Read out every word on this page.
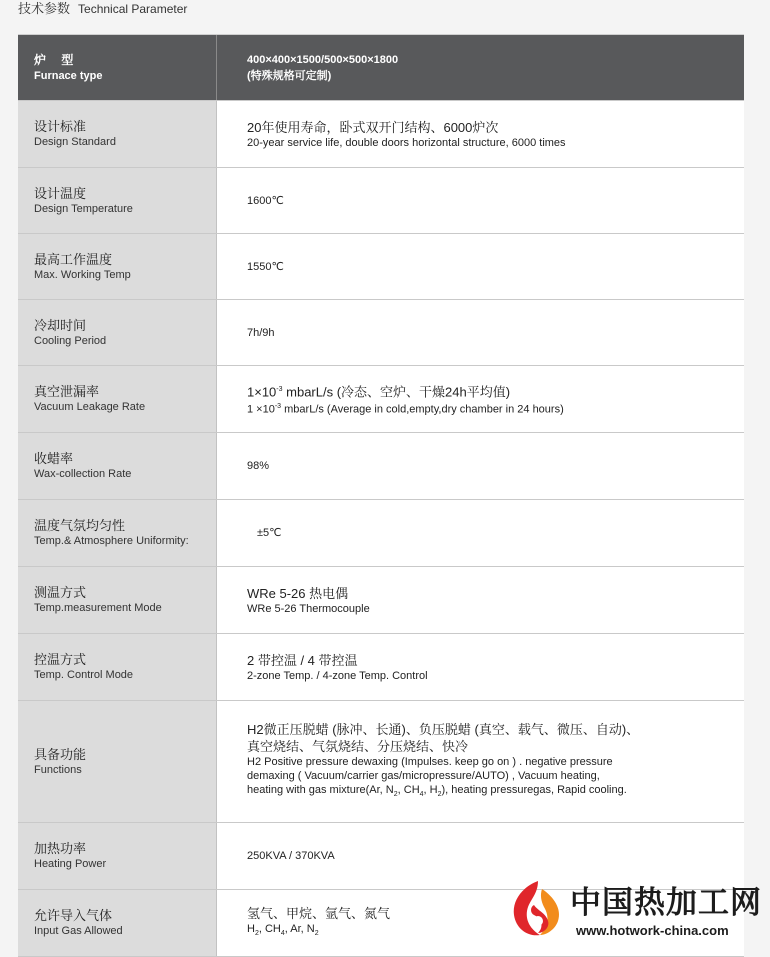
技术参数 Technical Parameter
炉 型
Furnace type
400×400×1500/500×500×1800
(特殊规格可定制)
设计标准
Design Standard
20年使用寿命，卧式双开门结构、6000炉次
20-year service life, double doors horizontal structure, 6000 times
设计温度
Design Temperature
1600℃
最高工作温度
Max. Working Temp
1550℃
冷却时间
Cooling Period
7h/9h
真空泄漏率
Vacuum Leakage Rate
$1\times 10^{-3}$ mbarL/s (冷态、空炉、干燥24h平均值)
$1 \times 10^{-3}$ mbarL/s (Average in cold,empty,dry chamber in 24 hours)
收蜡率
Wax-collection Rate
98%
温度气氛均匀性
Temp.& Atmosphere Uniformity:
±5℃
测温方式
Temp.measurement Mode
WRe 5-26 热电偶
WRe 5-26 Thermocouple
控温方式
Temp. Control Mode
2 带控温 / 4 带控温
2-zone Temp. / 4-zone Temp. Control
具备功能
Functions
H2微正压脱蜡 (脉冲、长通)、负压脱蜡 (真空、载气、微压、自动)、
真空烧结、气氛烧结、分压烧结、快冷
H2 Positive pressure dewaxing (Impulses. keep go on ) . negative pressure
demaxing ( Vacuum/carrier gas/micropressure/AUTO) , Vacuum heating,
heating with gas mixture(Ar, $N_2$, $CH_4$, $H_2$), heating pressuregas, Rapid cooling.
加热功率
Heating Power
250KVA / 370KVA
允许导入气体
Input Gas Allowed
氢气、甲烷、氩气、氮气
$H_2$, $CH_4$, Ar, $N_2$
中国热加工网
www.hotwork-china.com
